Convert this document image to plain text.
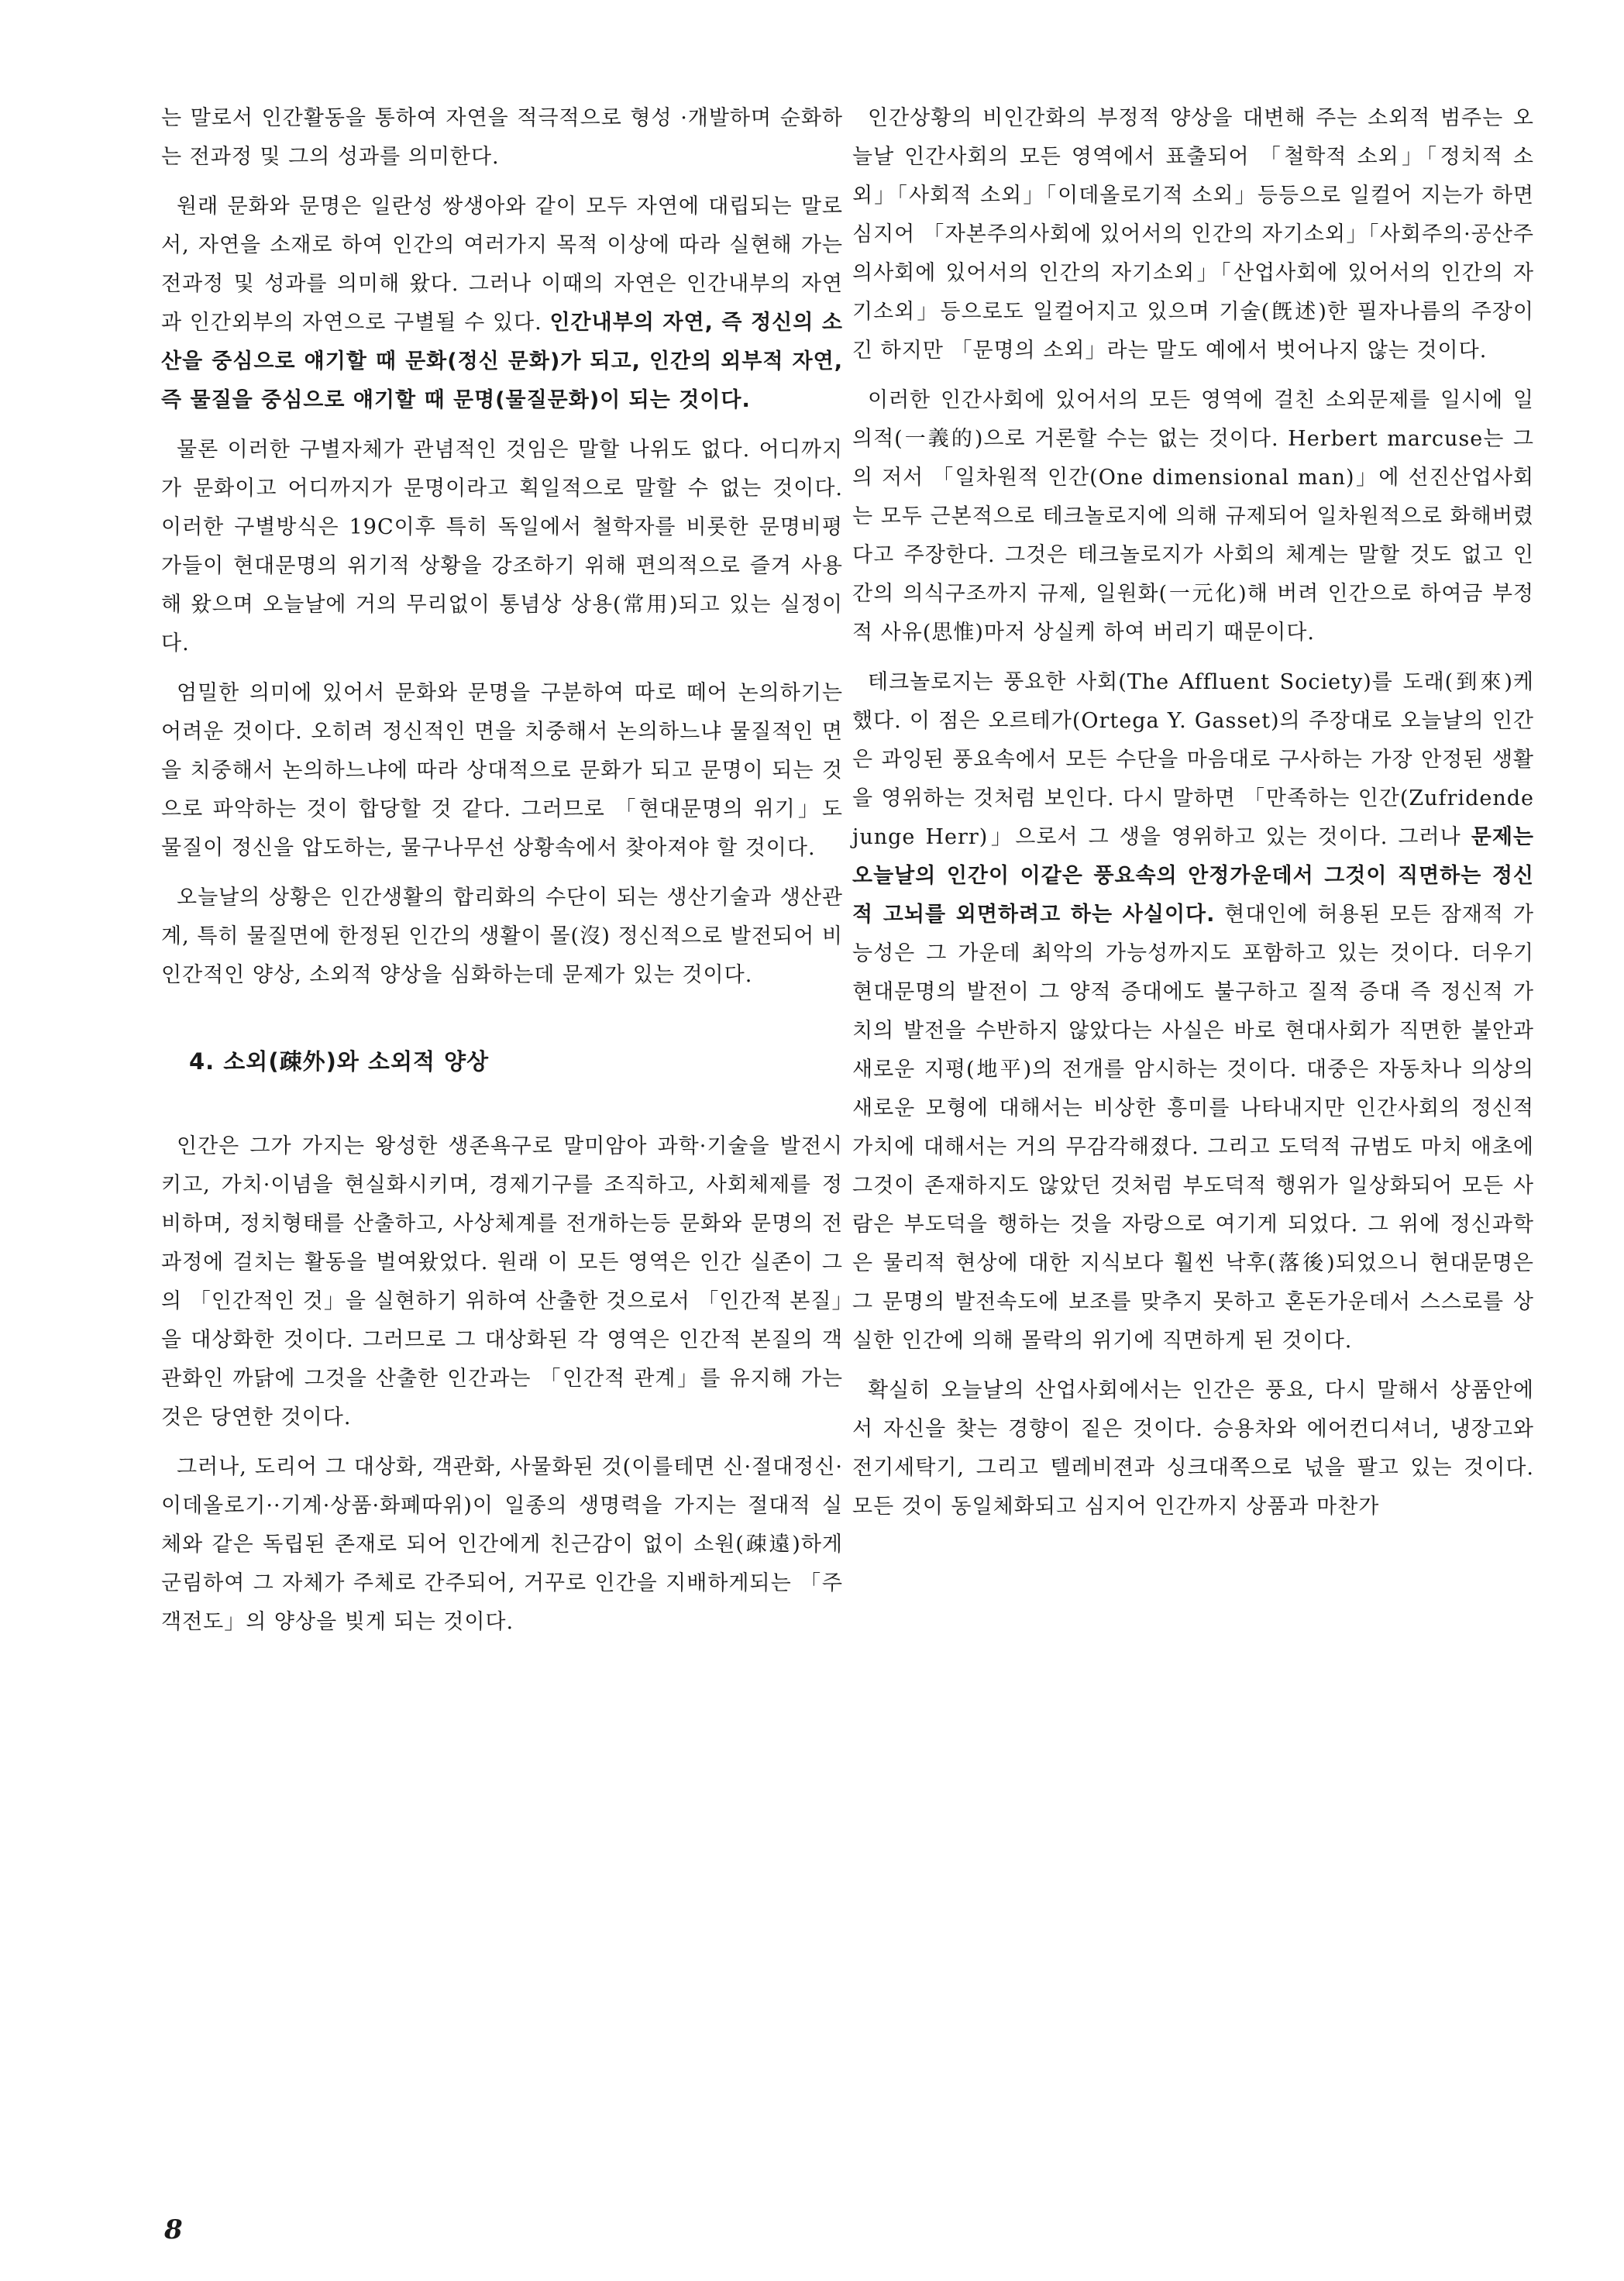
는 말로서 인간활동을 통하여 자연을 적극적으로 형성 ·개발하며 순화하는 전과정 및 그의 성과를 의미한다.

원래 문화와 문명은 일란성 쌍생아와 같이 모두 자연에 대립되는 말로서, 자연을 소재로 하여 인간의 여러가지 목적 이상에 따라 실현해 가는 전과정 및 성과를 의미해 왔다. 그러나 이때의 자연은 인간내부의 자연과 인간외부의 자연으로 구별될 수 있다. 인간내부의 자연, 즉 정신의 소산을 중심으로 얘기할 때 문화(정신 문화)가 되고, 인간의 외부적 자연, 즉 물질을 중심으로 얘기할 때 문명(물질문화)이 되는 것이다.

물론 이러한 구별자체가 관념적인 것임은 말할 나위도 없다. 어디까지가 문화이고 어디까지가 문명이라고 획일적으로 말할 수 없는 것이다. 이러한 구별방식은 19C이후 특히 독일에서 철학자를 비롯한 문명비평가들이 현대문명의 위기적 상황을 강조하기 위해 편의적으로 즐겨 사용해 왔으며 오늘날에 거의 무리없이 통념상 상용(常用)되고 있는 실정이다.

엄밀한 의미에 있어서 문화와 문명을 구분하여 따로 떼어 논의하기는 어려운 것이다. 오히려 정신적인 면을 치중해서 논의하느냐 물질적인 면을 치중해서 논의하느냐에 따라 상대적으로 문화가 되고 문명이 되는 것으로 파악하는 것이 합당할 것 같다. 그러므로 「현대문명의 위기」도 물질이 정신을 압도하는, 물구나무선 상황속에서 찾아져야 할 것이다.

오늘날의 상황은 인간생활의 합리화의 수단이 되는 생산기술과 생산관계, 특히 물질면에 한정된 인간의 생활이 몰(沒) 정신적으로 발전되어 비인간적인 양상, 소외적 양상을 심화하는데 문제가 있는 것이다.

4. 소외(疎外)와 소외적 양상

인간은 그가 가지는 왕성한 생존욕구로 말미암아 과학·기술을 발전시키고, 가치·이념을 현실화시키며, 경제기구를 조직하고, 사회체제를 정비하며, 정치형태를 산출하고, 사상체계를 전개하는등 문화와 문명의 전과정에 걸치는 활동을 벌여왔었다. 원래 이 모든 영역은 인간 실존이 그의 「인간적인 것」을 실현하기 위하여 산출한 것으로서 「인간적 본질」을 대상화한 것이다. 그러므로 그 대상화된 각 영역은 인간적 본질의 객관화인 까닭에 그것을 산출한 인간과는 「인간적 관계」를 유지해 가는 것은 당연한 것이다.

그러나, 도리어 그 대상화, 객관화, 사물화된 것(이를테면 신·절대정신·이데올로기··기계·상품·화폐따위)이 일종의 생명력을 가지는 절대적 실체와 같은 독립된 존재로 되어 인간에게 친근감이 없이 소원(疎遠)하게 군림하여 그 자체가 주체로 간주되어, 거꾸로 인간을 지배하게되는 「주객전도」의 양상을 빚게 되는 것이다.

인간상황의 비인간화의 부정적 양상을 대변해 주는 소외적 범주는 오늘날 인간사회의 모든 영역에서 표출되어 「철학적 소외」「정치적 소외」「사회적 소외」「이데올로기적 소외」등등으로 일컬어 지는가 하면 심지어 「자본주의사회에 있어서의 인간의 자기소외」「사회주의·공산주의사회에 있어서의 인간의 자기소외」「산업사회에 있어서의 인간의 자기소외」등으로도 일컬어지고 있으며 기술(旣述)한 필자나름의 주장이긴 하지만 「문명의 소외」라는 말도 예에서 벗어나지 않는 것이다.

이러한 인간사회에 있어서의 모든 영역에 걸친 소외문제를 일시에 일의적(一義的)으로 거론할 수는 없는 것이다. Herbert marcuse는 그의 저서 「일차원적 인간(One dimensional man)」에 선진산업사회는 모두 근본적으로 테크놀로지에 의해 규제되어 일차원적으로 화해버렸다고 주장한다. 그것은 테크놀로지가 사회의 체계는 말할 것도 없고 인간의 의식구조까지 규제, 일원화(一元化)해 버려 인간으로 하여금 부정적 사유(思惟)마저 상실케 하여 버리기 때문이다.

테크놀로지는 풍요한 사회(The Affluent Society)를 도래(到來)케 했다. 이 점은 오르테가(Ortega Y. Gasset)의 주장대로 오늘날의 인간은 과잉된 풍요속에서 모든 수단을 마음대로 구사하는 가장 안정된 생활을 영위하는 것처럼 보인다. 다시 말하면 「만족하는 인간(Zufridende junge Herr)」으로서 그 생을 영위하고 있는 것이다. 그러나 문제는 오늘날의 인간이 이같은 풍요속의 안정가운데서 그것이 직면하는 정신적 고뇌를 외면하려고 하는 사실이다. 현대인에 허용된 모든 잠재적 가능성은 그 가운데 최악의 가능성까지도 포함하고 있는 것이다. 더우기 현대문명의 발전이 그 양적 증대에도 불구하고 질적 증대 즉 정신적 가치의 발전을 수반하지 않았다는 사실은 바로 현대사회가 직면한 불안과 새로운 지평(地平)의 전개를 암시하는 것이다. 대중은 자동차나 의상의 새로운 모형에 대해서는 비상한 흥미를 나타내지만 인간사회의 정신적 가치에 대해서는 거의 무감각해졌다. 그리고 도덕적 규범도 마치 애초에 그것이 존재하지도 않았던 것처럼 부도덕적 행위가 일상화되어 모든 사람은 부도덕을 행하는 것을 자랑으로 여기게 되었다. 그 위에 정신과학은 물리적 현상에 대한 지식보다 훨씬 낙후(落後)되었으니 현대문명은 그 문명의 발전속도에 보조를 맞추지 못하고 혼돈가운데서 스스로를 상실한 인간에 의해 몰락의 위기에 직면하게 된 것이다.

확실히 오늘날의 산업사회에서는 인간은 풍요, 다시 말해서 상품안에서 자신을 찾는 경향이 짙은 것이다. 승용차와 에어컨디셔너, 냉장고와 전기세탁기, 그리고 텔레비젼과 싱크대쪽으로 넋을 팔고 있는 것이다. 모든 것이 동일체화되고 심지어 인간까지 상품과 마찬가

8
